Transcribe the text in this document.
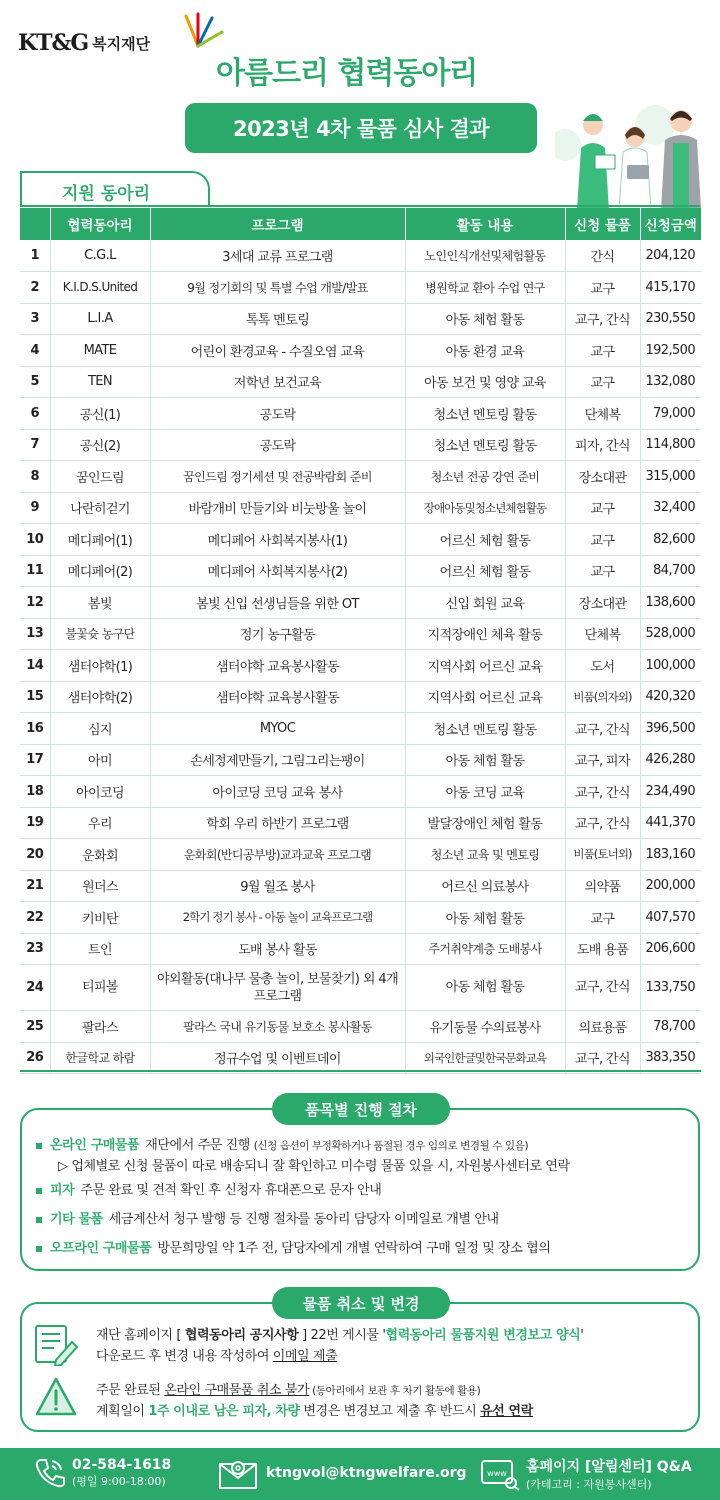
KT&G 복지재단
아름드리 협력동아리
2023년 4차 물품 심사 결과
지원 동아리
	협력동아리	프로그램	활동 내용	신청 물품	신청금액
1	C.G.L	3세대 교류 프로그램	노인인식개선및체험활동	간식	204,120
2	K.I.D.S.United	9월 정기회의 및 특별 수업 개발/발표	병원학교 환아 수업 연구	교구	415,170
3	L.I.A	톡톡 멘토링	아동 체험 활동	교구, 간식	230,550
4	MATE	어린이 환경교육 - 수질오염 교육	아동 환경 교육	교구	192,500
5	TEN	저학년 보건교육	아동 보건 및 영양 교육	교구	132,080
6	공신(1)	공도락	청소년 멘토링 활동	단체복	79,000
7	공신(2)	공도락	청소년 멘토링 활동	피자, 간식	114,800
8	꿈인드림	꿈인드림 정기세션 및 전공박람회 준비	청소년 전공 강연 준비	장소대관	315,000
9	나란히걷기	바람개비 만들기와 비눗방울 놀이	장애아동및청소년체험활동	교구	32,400
10	메디페어(1)	메디페어 사회복지봉사(1)	어르신 체험 활동	교구	82,600
11	메디페어(2)	메디페어 사회복지봉사(2)	어르신 체험 활동	교구	84,700
12	봄빛	봄빛 신입 선생님들을 위한 OT	신입 회원 교육	장소대관	138,600
13	불꽃슛 농구단	정기 농구활동	지적장애인 체육 활동	단체복	528,000
14	샘터야학(1)	샘터야학 교육봉사활동	지역사회 어르신 교육	도서	100,000
15	샘터야학(2)	샘터야학 교육봉사활동	지역사회 어르신 교육	비품(의자외)	420,320
16	심지	MYOC	청소년 멘토링 활동	교구, 간식	396,500
17	아미	손세정제만들기, 그림그리는팽이	아동 체험 활동	교구, 피자	426,280
18	아이코딩	아이코딩 코딩 교육 봉사	아동 코딩 교육	교구, 간식	234,490
19	우리	학회 우리 하반기 프로그램	발달장애인 체험 활동	교구, 간식	441,370
20	운화회	운화회(반디공부방)교과교육 프로그램	청소년 교육 및 멘토링	비품(토너외)	183,160
21	원더스	9월 월조 봉사	어르신 의료봉사	의약품	200,000
22	키비탄	2학기 정기 봉사 - 아동 놀이 교육프로그램	아동 체험 활동	교구	407,570
23	트인	도배 봉사 활동	주거취약계층 도배봉사	도배 용품	206,600
24	티피볼	야외활동(대나무 물총 놀이, 보물찾기) 외 4개 프로그램	아동 체험 활동	교구, 간식	133,750
25	팔라스	팔라스 국내 유기동물 보호소 봉사활동	유기동물 수의료봉사	의료용품	78,700
26	한글학교 하람	정규수업 및 이벤트데이	외국인한글및한국문화교육	교구, 간식	383,350
품목별 진행 절차
온라인 구매물품 재단에서 주문 진행 (신청 옵션이 부정확하거나 품절된 경우 임의로 변경될 수 있음)
▷ 업체별로 신청 물품이 따로 배송되니 잘 확인하고 미수령 물품 있을 시, 자원봉사센터로 연락
피자 주문 완료 및 견적 확인 후 신청자 휴대폰으로 문자 안내
기타 물품 세금계산서 청구 발행 등 진행 절차를 동아리 담당자 이메일로 개별 안내
오프라인 구매물품 방문희망일 약 1주 전, 담당자에게 개별 연락하여 구매 일정 및 장소 협의
물품 취소 및 변경
재단 홈페이지 [ 협력동아리 공지사항 ] 22번 게시물 '협력동아리 물품지원 변경보고 양식'
다운로드 후 변경 내용 작성하여 이메일 제출
주문 완료된 온라인 구매물품 취소 불가 (동아리에서 보관 후 차기 활동에 활용)
계획일이 1주 이내로 남은 피자, 차량 변경은 변경보고 제출 후 반드시 유선 연락
02-584-1618
(평일 9:00-18:00)
ktngvol@ktngwelfare.org	www 홈페이지 [알림센터] Q&A
(카테고리 : 자원봉사센터)
